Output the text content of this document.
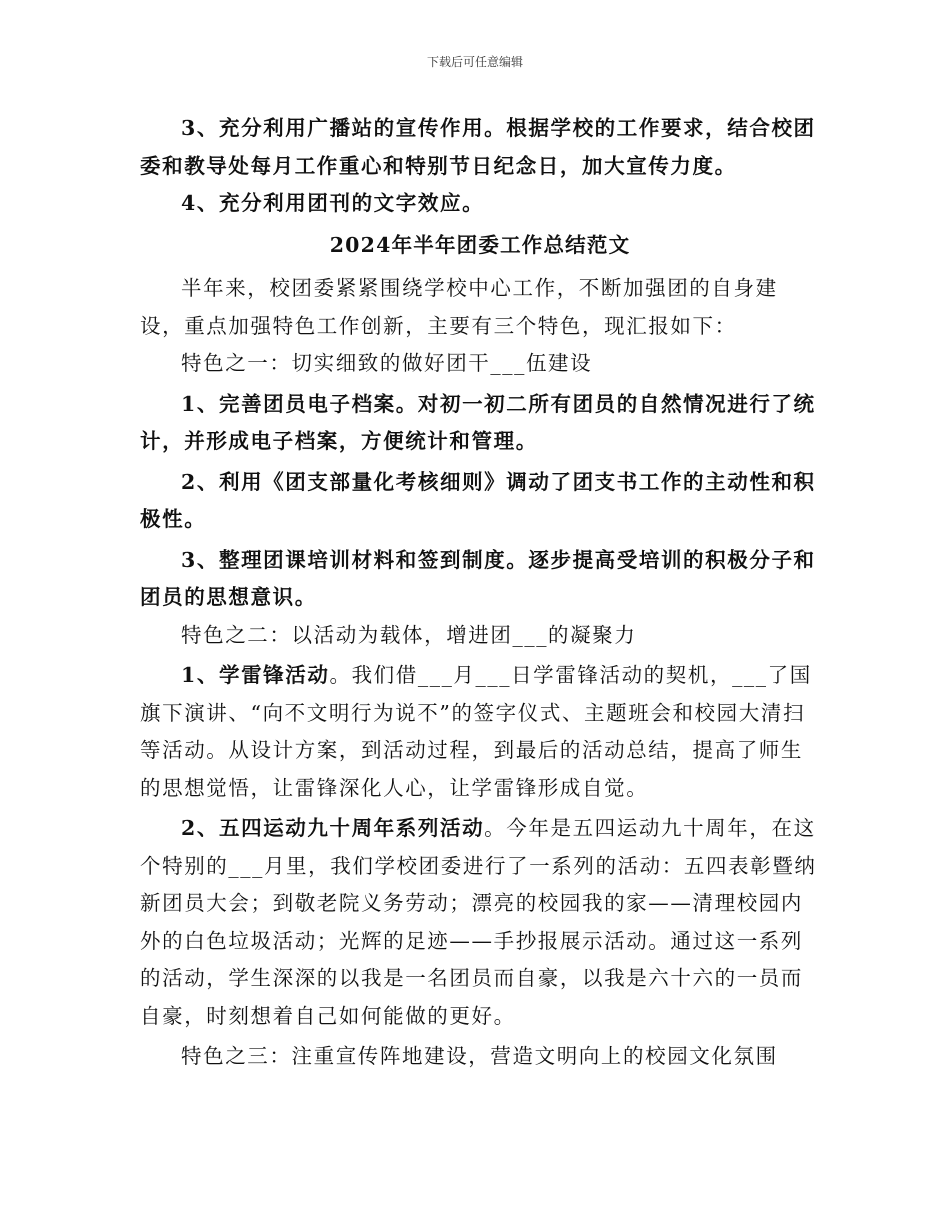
下载后可任意编辑

3、充分利用广播站的宣传作用。根据学校的工作要求，结合校团委和教导处每月工作重心和特别节日纪念日，加大宣传力度。

4、充分利用团刊的文字效应。

2024年半年团委工作总结范文

半年来，校团委紧紧围绕学校中心工作，不断加强团的自身建设，重点加强特色工作创新，主要有三个特色，现汇报如下：

特色之一：切实细致的做好团干___伍建设

1、完善团员电子档案。对初一初二所有团员的自然情况进行了统计，并形成电子档案，方便统计和管理。

2、利用《团支部量化考核细则》调动了团支书工作的主动性和积极性。

3、整理团课培训材料和签到制度。逐步提高受培训的积极分子和团员的思想意识。

特色之二：以活动为载体，增进团___的凝聚力

1、学雷锋活动。我们借___月___日学雷锋活动的契机，___了国旗下演讲、“向不文明行为说不”的签字仪式、主题班会和校园大清扫等活动。从设计方案，到活动过程，到最后的活动总结，提高了师生的思想觉悟，让雷锋深化人心，让学雷锋形成自觉。

2、五四运动九十周年系列活动。今年是五四运动九十周年，在这个特别的___月里，我们学校团委进行了一系列的活动：五四表彰暨纳新团员大会；到敬老院义务劳动；漂亮的校园我的家——清理校园内外的白色垃圾活动；光辉的足迹——手抄报展示活动。通过这一系列的活动，学生深深的以我是一名团员而自豪，以我是六十六的一员而自豪，时刻想着自己如何能做的更好。

特色之三：注重宣传阵地建设，营造文明向上的校园文化氛围
